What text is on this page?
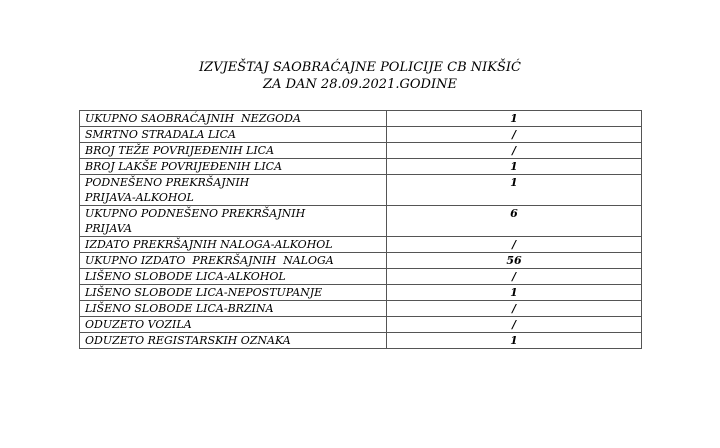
IZVJEŠTAJ SAOBRAĆAJNE POLICIJE CB NIKŠIĆ
ZA DAN 28.09.2021.GODINE
UKUPNO SAOBRAĆAJNIH  NEZGODA	1
SMRTNO STRADALA LICA	/
BROJ TEŽE POVRIJEĐENIH LICA	/
BROJ LAKŠE POVRIJEĐENIH LICA	1
PODNEŠENO PREKRŠAJNIH
PRIJAVA-ALKOHOL	1
UKUPNO PODNEŠENO PREKRŠAJNIH
PRIJAVA	6
IZDATO PREKRŠAJNIH NALOGA-ALKOHOL	/
UKUPNO IZDATO  PREKRŠAJNIH  NALOGA	56
LIŠENO SLOBODE LICA-ALKOHOL	/
LIŠENO SLOBODE LICA-NEPOSTUPANJE	1
LIŠENO SLOBODE LICA-BRZINA	/
ODUZETO VOZILA	/
ODUZETO REGISTARSKIH OZNAKA	1
